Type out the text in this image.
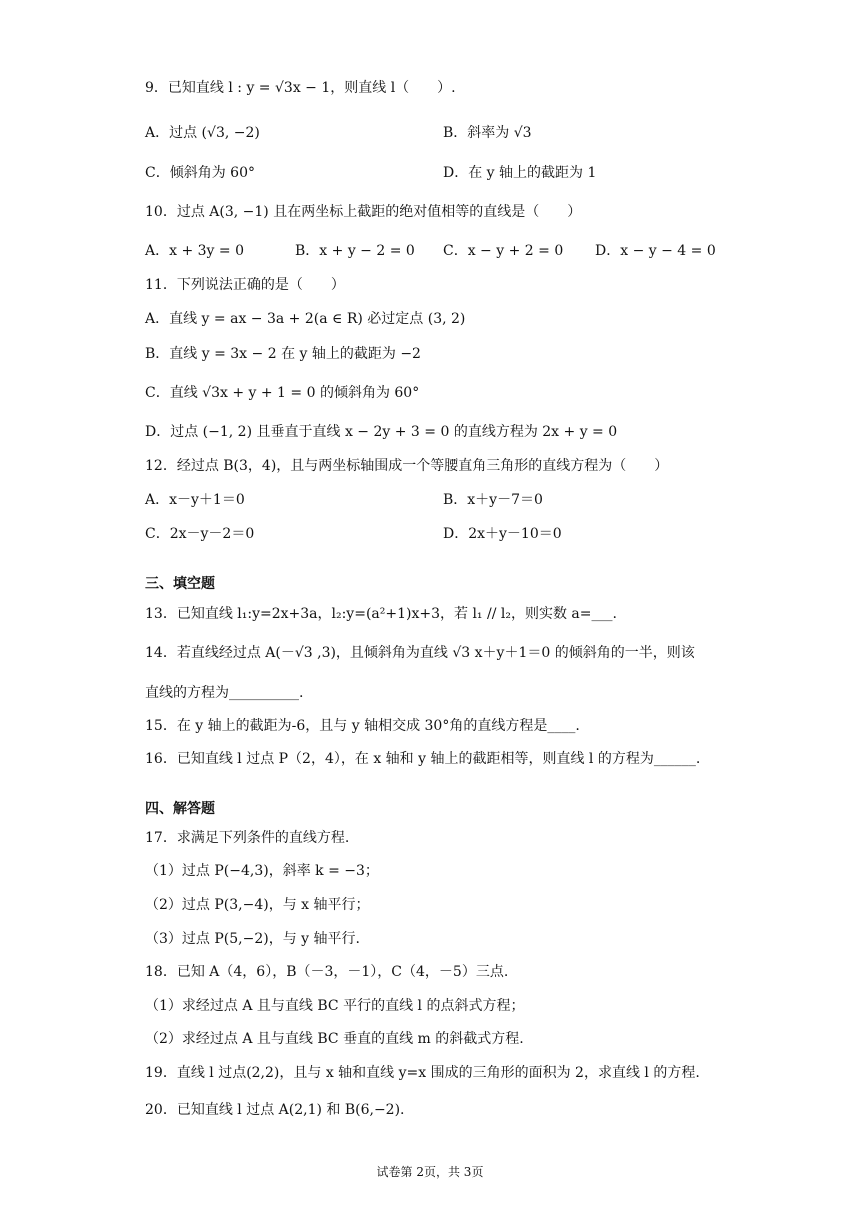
9．已知直线 l : y = √3x − 1，则直线 l（　　）.
A．过点 (√3, −2)	B．斜率为 √3
C．倾斜角为 60°	D．在 y 轴上的截距为 1
10．过点 A(3, −1) 且在两坐标上截距的绝对值相等的直线是（　　）
A．x + 3y = 0	B．x + y − 2 = 0 C．x − y + 2 = 0 D．x − y − 4 = 0
11．下列说法正确的是（　　）
A．直线 y = ax − 3a + 2(a ∈ R) 必过定点 (3, 2)
B．直线 y = 3x − 2 在 y 轴上的截距为 −2
C．直线 √3x + y + 1 = 0 的倾斜角为 60°
D．过点 (−1, 2) 且垂直于直线 x − 2y + 3 = 0 的直线方程为 2x + y = 0
12．经过点 B(3，4)，且与两坐标轴围成一个等腰直角三角形的直线方程为（　　）
A．x－y＋1＝0	B．x＋y－7＝0
C．2x－y－2＝0	D．2x＋y－10＝0
三、填空题
13．已知直线 l₁:y=2x+3a，l₂:y=(a²+1)x+3，若 l₁ // l₂，则实数 a=___.
14．若直线经过点 A(－√3 ,3)，且倾斜角为直线 √3 x＋y＋1＝0 的倾斜角的一半，则该
直线的方程为__________.
15．在 y 轴上的截距为-6，且与 y 轴相交成 30°角的直线方程是____.
16．已知直线 l 过点 P（2，4），在 x 轴和 y 轴上的截距相等，则直线 l 的方程为______.
四、解答题
17．求满足下列条件的直线方程.
（1）过点 P(−4,3)，斜率 k = −3；
（2）过点 P(3,−4)，与 x 轴平行；
（3）过点 P(5,−2)，与 y 轴平行.
18．已知 A（4，6），B（－3，－1），C（4，－5）三点.
（1）求经过点 A 且与直线 BC 平行的直线 l 的点斜式方程；
（2）求经过点 A 且与直线 BC 垂直的直线 m 的斜截式方程.
19．直线 l 过点(2,2)，且与 x 轴和直线 y=x 围成的三角形的面积为 2，求直线 l 的方程.
20．已知直线 l 过点 A(2,1) 和 B(6,−2).
试卷第 2页，共 3页
